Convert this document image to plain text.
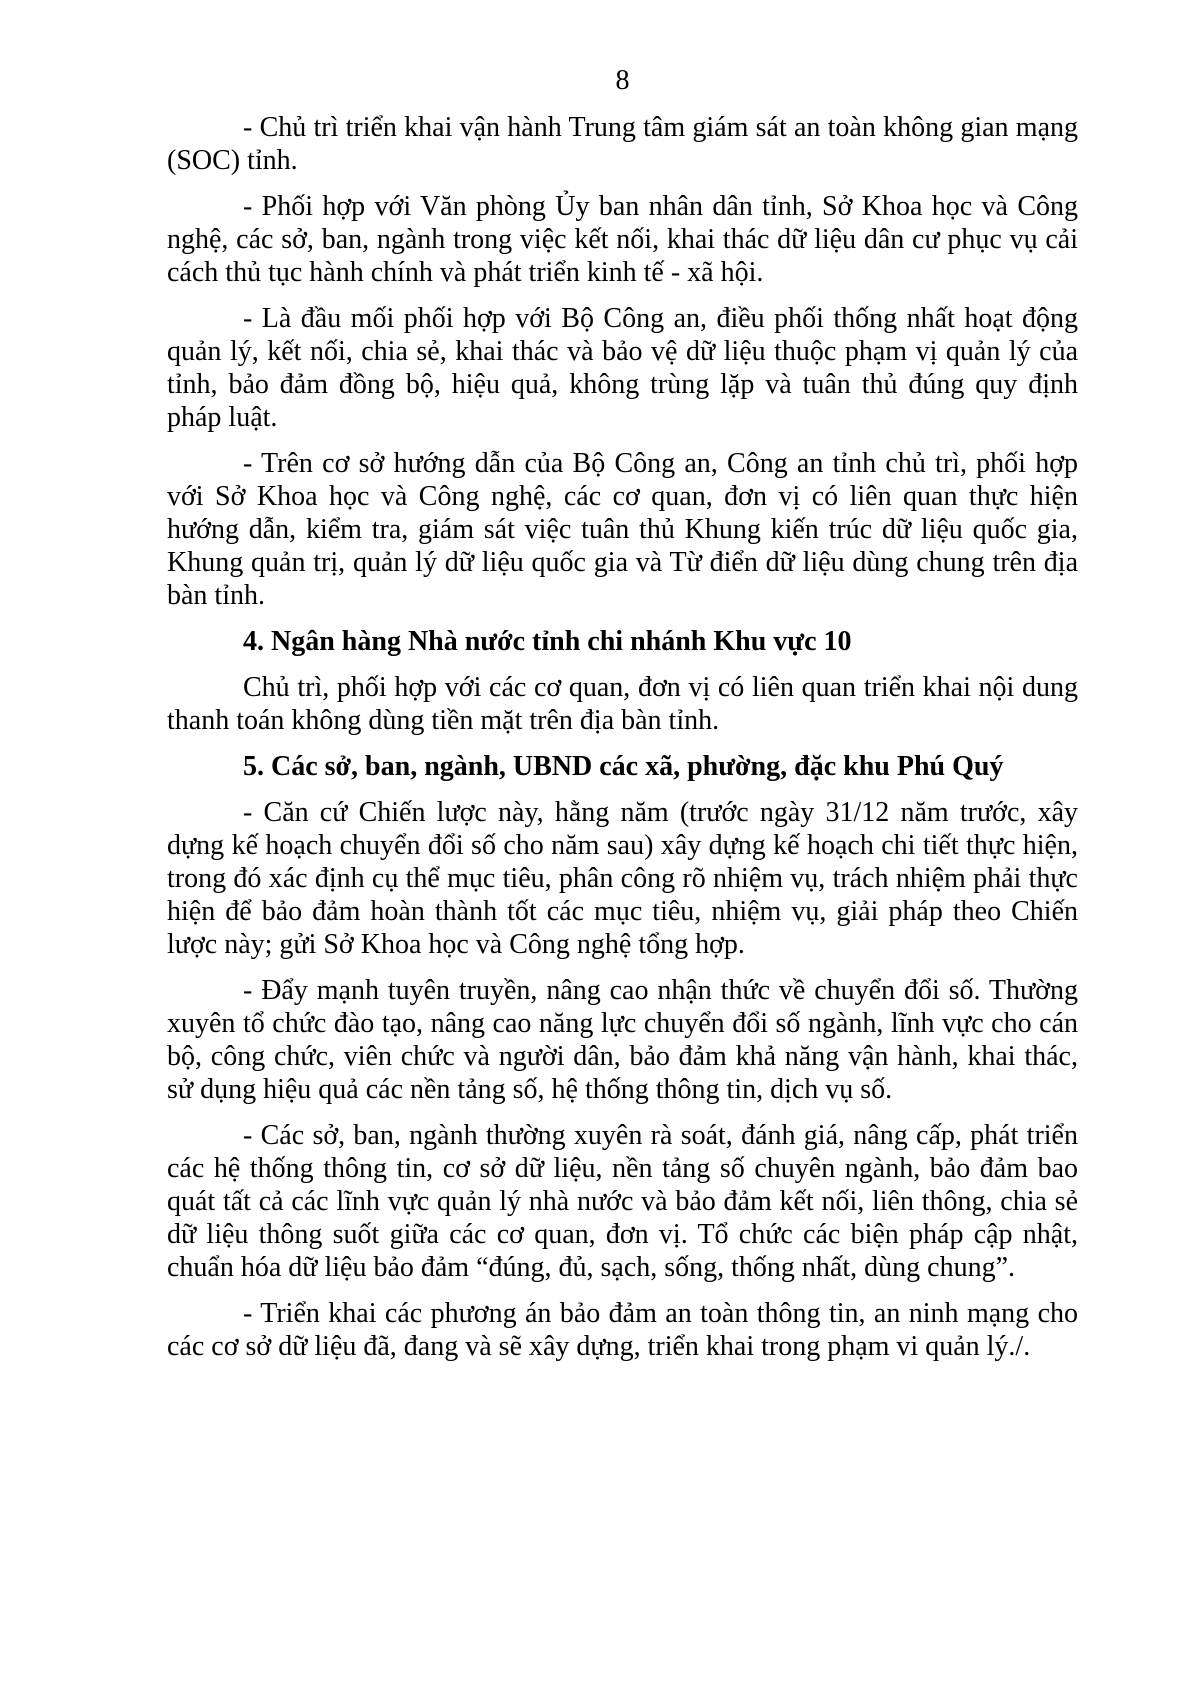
8

- Chủ trì triển khai vận hành Trung tâm giám sát an toàn không gian mạng (SOC) tỉnh.

- Phối hợp với Văn phòng Ủy ban nhân dân tỉnh, Sở Khoa học và Công nghệ, các sở, ban, ngành trong việc kết nối, khai thác dữ liệu dân cư phục vụ cải cách thủ tục hành chính và phát triển kinh tế - xã hội.

- Là đầu mối phối hợp với Bộ Công an, điều phối thống nhất hoạt động quản lý, kết nối, chia sẻ, khai thác và bảo vệ dữ liệu thuộc phạm vị quản lý của tỉnh, bảo đảm đồng bộ, hiệu quả, không trùng lặp và tuân thủ đúng quy định pháp luật.

- Trên cơ sở hướng dẫn của Bộ Công an, Công an tỉnh chủ trì, phối hợp với Sở Khoa học và Công nghệ, các cơ quan, đơn vị có liên quan thực hiện hướng dẫn, kiểm tra, giám sát việc tuân thủ Khung kiến trúc dữ liệu quốc gia, Khung quản trị, quản lý dữ liệu quốc gia và Từ điển dữ liệu dùng chung trên địa bàn tỉnh.

4. Ngân hàng Nhà nước tỉnh chi nhánh Khu vực 10

Chủ trì, phối hợp với các cơ quan, đơn vị có liên quan triển khai nội dung thanh toán không dùng tiền mặt trên địa bàn tỉnh.

5. Các sở, ban, ngành, UBND các xã, phường, đặc khu Phú Quý

- Căn cứ Chiến lược này, hằng năm (trước ngày 31/12 năm trước, xây dựng kế hoạch chuyển đổi số cho năm sau) xây dựng kế hoạch chi tiết thực hiện, trong đó xác định cụ thể mục tiêu, phân công rõ nhiệm vụ, trách nhiệm phải thực hiện để bảo đảm hoàn thành tốt các mục tiêu, nhiệm vụ, giải pháp theo Chiến lược này; gửi Sở Khoa học và Công nghệ tổng hợp.

- Đẩy mạnh tuyên truyền, nâng cao nhận thức về chuyển đổi số. Thường xuyên tổ chức đào tạo, nâng cao năng lực chuyển đổi số ngành, lĩnh vực cho cán bộ, công chức, viên chức và người dân, bảo đảm khả năng vận hành, khai thác, sử dụng hiệu quả các nền tảng số, hệ thống thông tin, dịch vụ số.

- Các sở, ban, ngành thường xuyên rà soát, đánh giá, nâng cấp, phát triển các hệ thống thông tin, cơ sở dữ liệu, nền tảng số chuyên ngành, bảo đảm bao quát tất cả các lĩnh vực quản lý nhà nước và bảo đảm kết nối, liên thông, chia sẻ dữ liệu thông suốt giữa các cơ quan, đơn vị. Tổ chức các biện pháp cập nhật, chuẩn hóa dữ liệu bảo đảm “đúng, đủ, sạch, sống, thống nhất, dùng chung”.

- Triển khai các phương án bảo đảm an toàn thông tin, an ninh mạng cho các cơ sở dữ liệu đã, đang và sẽ xây dựng, triển khai trong phạm vi quản lý./.
